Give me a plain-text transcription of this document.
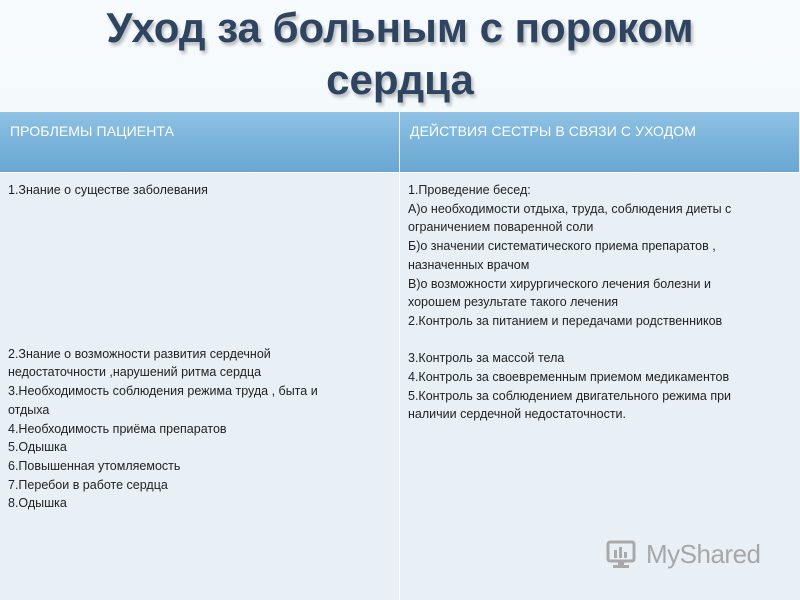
Уход за больным с пороком
сердца
ПРОБЛЕМЫ ПАЦИЕНТА	ДЕЙСТВИЯ СЕСТРЫ В СВЯЗИ С УХОДОМ
1.Знание о существе заболевания
2.Знание о возможности развития сердечной
недостаточности ,нарушений ритма сердца
3.Необходимость соблюдения режима труда , быта и
отдыха
4.Необходимость приёма препаратов
5.Одышка
6.Повышенная утомляемость
7.Перебои в работе сердца
8.Одышка
1.Проведение бесед:
А)о необходимости отдыха, труда, соблюдения диеты с
ограничением поваренной соли
Б)о значении систематического приема препаратов ,
назначенных врачом
В)о возможности хирургического лечения болезни и
хорошем результате такого лечения
2.Контроль за питанием и передачами родственников

3.Контроль за массой тела
4.Контроль за своевременным приемом медикаментов
5.Контроль за соблюдением двигательного режима при
наличии сердечной недостаточности.
MyShared
